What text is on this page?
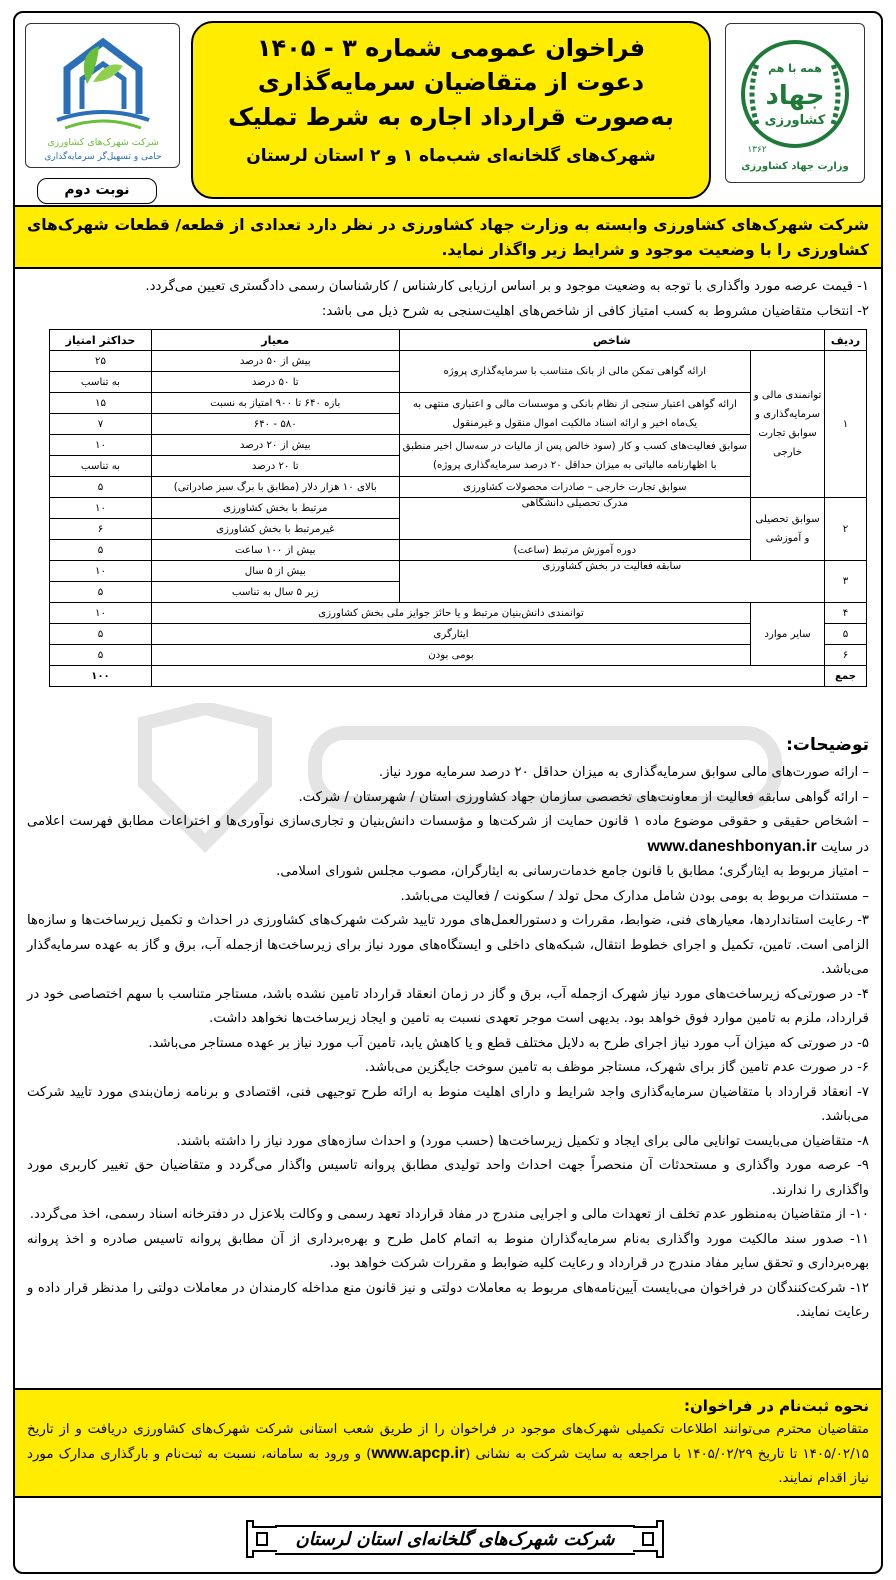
وزارت جهاد کشاورزی
همه با هم
جهاد
کشاورزی
۱۳۶۲
شرکت شهرک‌های کشاورزی
حامی و تسهیل‌گر سرمایه‌گذاری
نوبت دوم
فراخوان عمومی شماره ۳ - ۱۴۰۵
دعوت از متقاضیان سرمایه‌گذاری
به‌صورت قرارداد اجاره به شرط تملیک
شهرک‌های گلخانه‌ای شب‌ماه ۱ و ۲ استان لرستان
شرکت شهرک‌های کشاورزی وابسته به وزارت جهاد کشاورزی در نظر دارد تعدادی از قطعه/ قطعات شهرک‌های کشاورزی را با وضعیت موجود و شرایط زیر واگذار نماید.
۱- قیمت عرصه مورد واگذاری با توجه به وضعیت موجود و بر اساس ارزیابی کارشناس / کارشناسان رسمی دادگستری تعیین می‌گردد.
۲- انتخاب متقاضیان مشروط به کسب امتیاز کافی از شاخص‌های اهلیت‌سنجی به شرح ذیل می باشد:
ردیف	شاخص		معیار	حداکثر امتیاز
۱	توانمندی مالی و سرمایه‌گذاری و سوابق تجارت خارجی	ارائه گواهی تمکن مالی از بانک متناسب با سرمایه‌گذاری پروژه	بیش از ۵۰ درصد	۲۵
			تا ۵۰ درصد	به تناسب
		ارائه گواهی اعتبار سنجی از نظام بانکی و موسسات مالی و اعتباری منتهی به یک‌ماه اخیر و ارائه اسناد مالکیت اموال منقول و غیرمنقول	بازه ۶۴۰ تا ۹۰۰ امتیاز به نسبت	۱۵
			۵۸۰ - ۶۴۰	۷
		سوابق فعالیت‌های کسب و کار (سود خالص پس از مالیات در سه‌سال اخیر منطبق با اظهارنامه مالیاتی به میزان حداقل ۲۰ درصد سرمایه‌گذاری پروژه)	بیش از ۲۰ درصد	۱۰
			تا ۲۰ درصد	به تناسب
		سوابق تجارت خارجی – صادرات محصولات کشاورزی	بالای ۱۰ هزار دلار (مطابق با برگ سبز صادراتی)	۵
۲	سوابق تحصیلی و آموزشی	مدرک تحصیلی دانشگاهی	مرتبط با بخش کشاورزی	۱۰
			غیرمرتبط با بخش کشاورزی	۶
		دوره آموزش مرتبط (ساعت)	بیش از ۱۰۰ ساعت	۵
۳	سابقه فعالیت در بخش کشاورزی		بیش از ۵ سال	۱۰
			زیر ۵ سال به تناسب	۵
۴	سایر موارد	توانمندی دانش‌بنیان مرتبط و یا حائز جوایز ملی بخش کشاورزی		۱۰
۵		ایثارگری		۵
۶		بومی بودن		۵
جمع				۱۰۰
توضیحات:
– ارائه صورت‌های مالی سوابق سرمایه‌گذاری به میزان حداقل ۲۰ درصد سرمایه مورد نیاز.
– ارائه گواهی سابقه فعالیت از معاونت‌های تخصصی سازمان جهاد کشاورزی استان / شهرستان / شرکت.
– اشخاص حقیقی و حقوقی موضوع ماده ۱ قانون حمایت از شرکت‌ها و مؤسسات دانش‌بنیان و تجاری‌سازی نوآوری‌ها و اختراعات مطابق فهرست اعلامی در سایت www.daneshbonyan.ir
– امتیاز مربوط به ایثارگری؛ مطابق با قانون جامع خدمات‌رسانی به ایثارگران، مصوب مجلس شورای اسلامی.
– مستندات مربوط به بومی بودن شامل مدارک محل تولد / سکونت / فعالیت می‌باشد.
۳- رعایت استانداردها، معیارهای فنی، ضوابط، مقررات و دستورالعمل‌های مورد تایید شرکت شهرک‌های کشاورزی در احداث و تکمیل زیرساخت‌ها و سازه‌ها الزامی است. تامین، تکمیل و اجرای خطوط انتقال، شبکه‌های داخلی و ایستگاه‌های مورد نیاز برای زیرساخت‌ها ازجمله آب، برق و گاز به عهده سرمایه‌گذار می‌باشد.
۴- در صورتی‌که زیرساخت‌های مورد نیاز شهرک ازجمله آب، برق و گاز در زمان انعقاد قرارداد تامین نشده باشد، مستاجر متناسب با سهم اختصاصی خود در قرارداد، ملزم به تامین موارد فوق خواهد بود. بدیهی است موجر تعهدی نسبت به تامین و ایجاد زیرساخت‌ها نخواهد داشت.
۵- در صورتی که میزان آب مورد نیاز اجرای طرح به دلایل مختلف قطع و یا کاهش یابد، تامین آب مورد نیاز بر عهده مستاجر می‌باشد.
۶- در صورت عدم تامین گاز برای شهرک، مستاجر موظف به تامین سوخت جایگزین می‌باشد.
۷- انعقاد قرارداد با متقاضیان سرمایه‌گذاری واجد شرایط و دارای اهلیت منوط به ارائه طرح توجیهی فنی، اقتصادی و برنامه زمان‌بندی مورد تایید شرکت می‌باشد.
۸- متقاضیان می‌بایست توانایی مالی برای ایجاد و تکمیل زیرساخت‌ها (حسب مورد) و احداث سازه‌های مورد نیاز را داشته باشند.
۹- عرصه مورد واگذاری و مستحدثات آن منحصراً جهت احداث واحد تولیدی مطابق پروانه تاسیس واگذار می‌گردد و متقاضیان حق تغییر کاربری مورد واگذاری را ندارند.
۱۰- از متقاضیان به‌منظور عدم تخلف از تعهدات مالی و اجرایی مندرج در مفاد قرارداد تعهد رسمی و وکالت بلاعزل در دفترخانه اسناد رسمی، اخذ می‌گردد.
۱۱- صدور سند مالکیت مورد واگذاری به‌نام سرمایه‌گذاران منوط به اتمام کامل طرح و بهره‌برداری از آن مطابق پروانه تاسیس صادره و اخذ پروانه بهره‌برداری و تحقق سایر مفاد مندرج در قرارداد و رعایت کلیه ضوابط و مقررات شرکت خواهد بود.
۱۲- شرکت‌کنندگان در فراخوان می‌بایست آیین‌نامه‌های مربوط به معاملات دولتی و نیز قانون منع مداخله کارمندان در معاملات دولتی را مدنظر قرار داده و رعایت نمایند.
نحوه ثبت‌نام در فراخوان:
متقاضیان محترم می‌توانند اطلاعات تکمیلی شهرک‌های موجود در فراخوان را از طریق شعب استانی شرکت شهرک‌های کشاورزی دریافت و از تاریخ ۱۴۰۵/۰۲/۱۵ تا تاریخ ۱۴۰۵/۰۲/۲۹ با مراجعه به سایت شرکت به نشانی (www.apcp.ir) و ورود به سامانه، نسبت به ثبت‌نام و بارگذاری مدارک مورد نیاز اقدام نمایند.
شرکت شهرک‌های گلخانه‌ای استان لرستان
